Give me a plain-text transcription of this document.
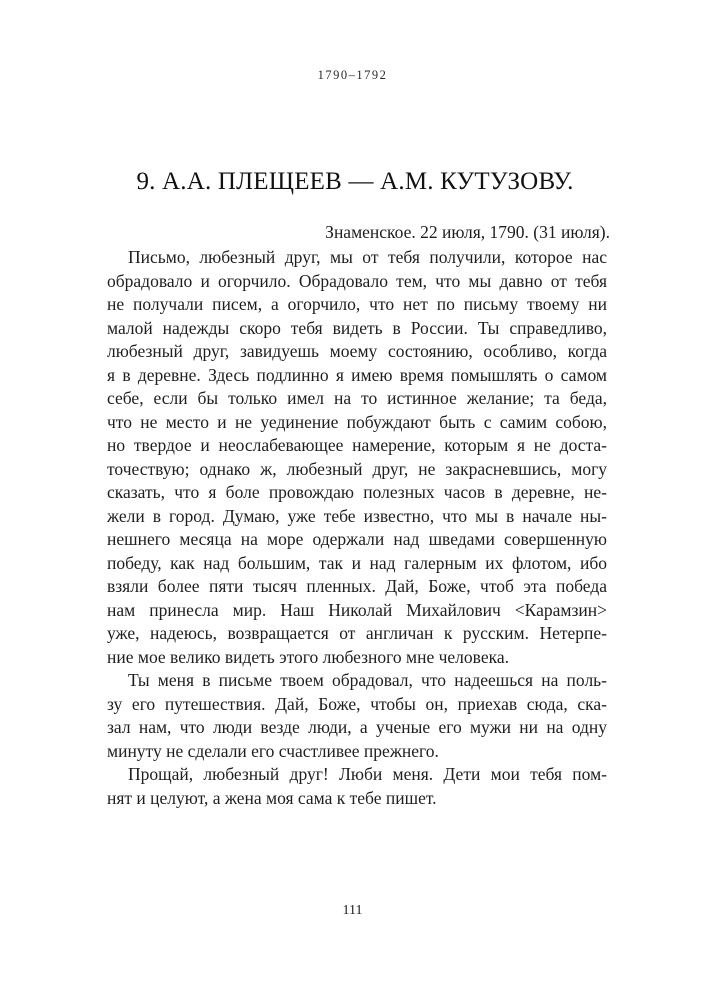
1790–1792
9. А.А. ПЛЕЩЕЕВ — А.М. КУТУЗОВУ.
Знаменское. 22 июля, 1790. (31 июля).
Письмо, любезный друг, мы от тебя получили, которое нас
обрадовало и огорчило. Обрадовало тем, что мы давно от тебя
не получали писем, а огорчило, что нет по письму твоему ни
малой надежды скоро тебя видеть в России. Ты справедливо,
любезный друг, завидуешь моему состоянию, особливо, когда
я в деревне. Здесь подлинно я имею время помышлять о самом
себе, если бы только имел на то истинное желание; та беда,
что не место и не уединение побуждают быть с самим собою,
но твердое и неослабевающее намерение, которым я не доста-
точествую; однако ж, любезный друг, не закрасневшись, могу
сказать, что я боле провождаю полезных часов в деревне, не-
жели в город. Думаю, уже тебе известно, что мы в начале ны-
нешнего месяца на море одержали над шведами совершенную
победу, как над большим, так и над галерным их флотом, ибо
взяли более пяти тысяч пленных. Дай, Боже, чтоб эта победа
нам принесла мир. Наш Николай Михайлович <Карамзин>
уже, надеюсь, возвращается от англичан к русским. Нетерпе-
ние мое велико видеть этого любезного мне человека.
Ты меня в письме твоем обрадовал, что надеешься на поль-
зу его путешествия. Дай, Боже, чтобы он, приехав сюда, ска-
зал нам, что люди везде люди, а ученые его мужи ни на одну
минуту не сделали его счастливее прежнего.
Прощай, любезный друг! Люби меня. Дети мои тебя пом-
нят и целуют, а жена моя сама к тебе пишет.
111
